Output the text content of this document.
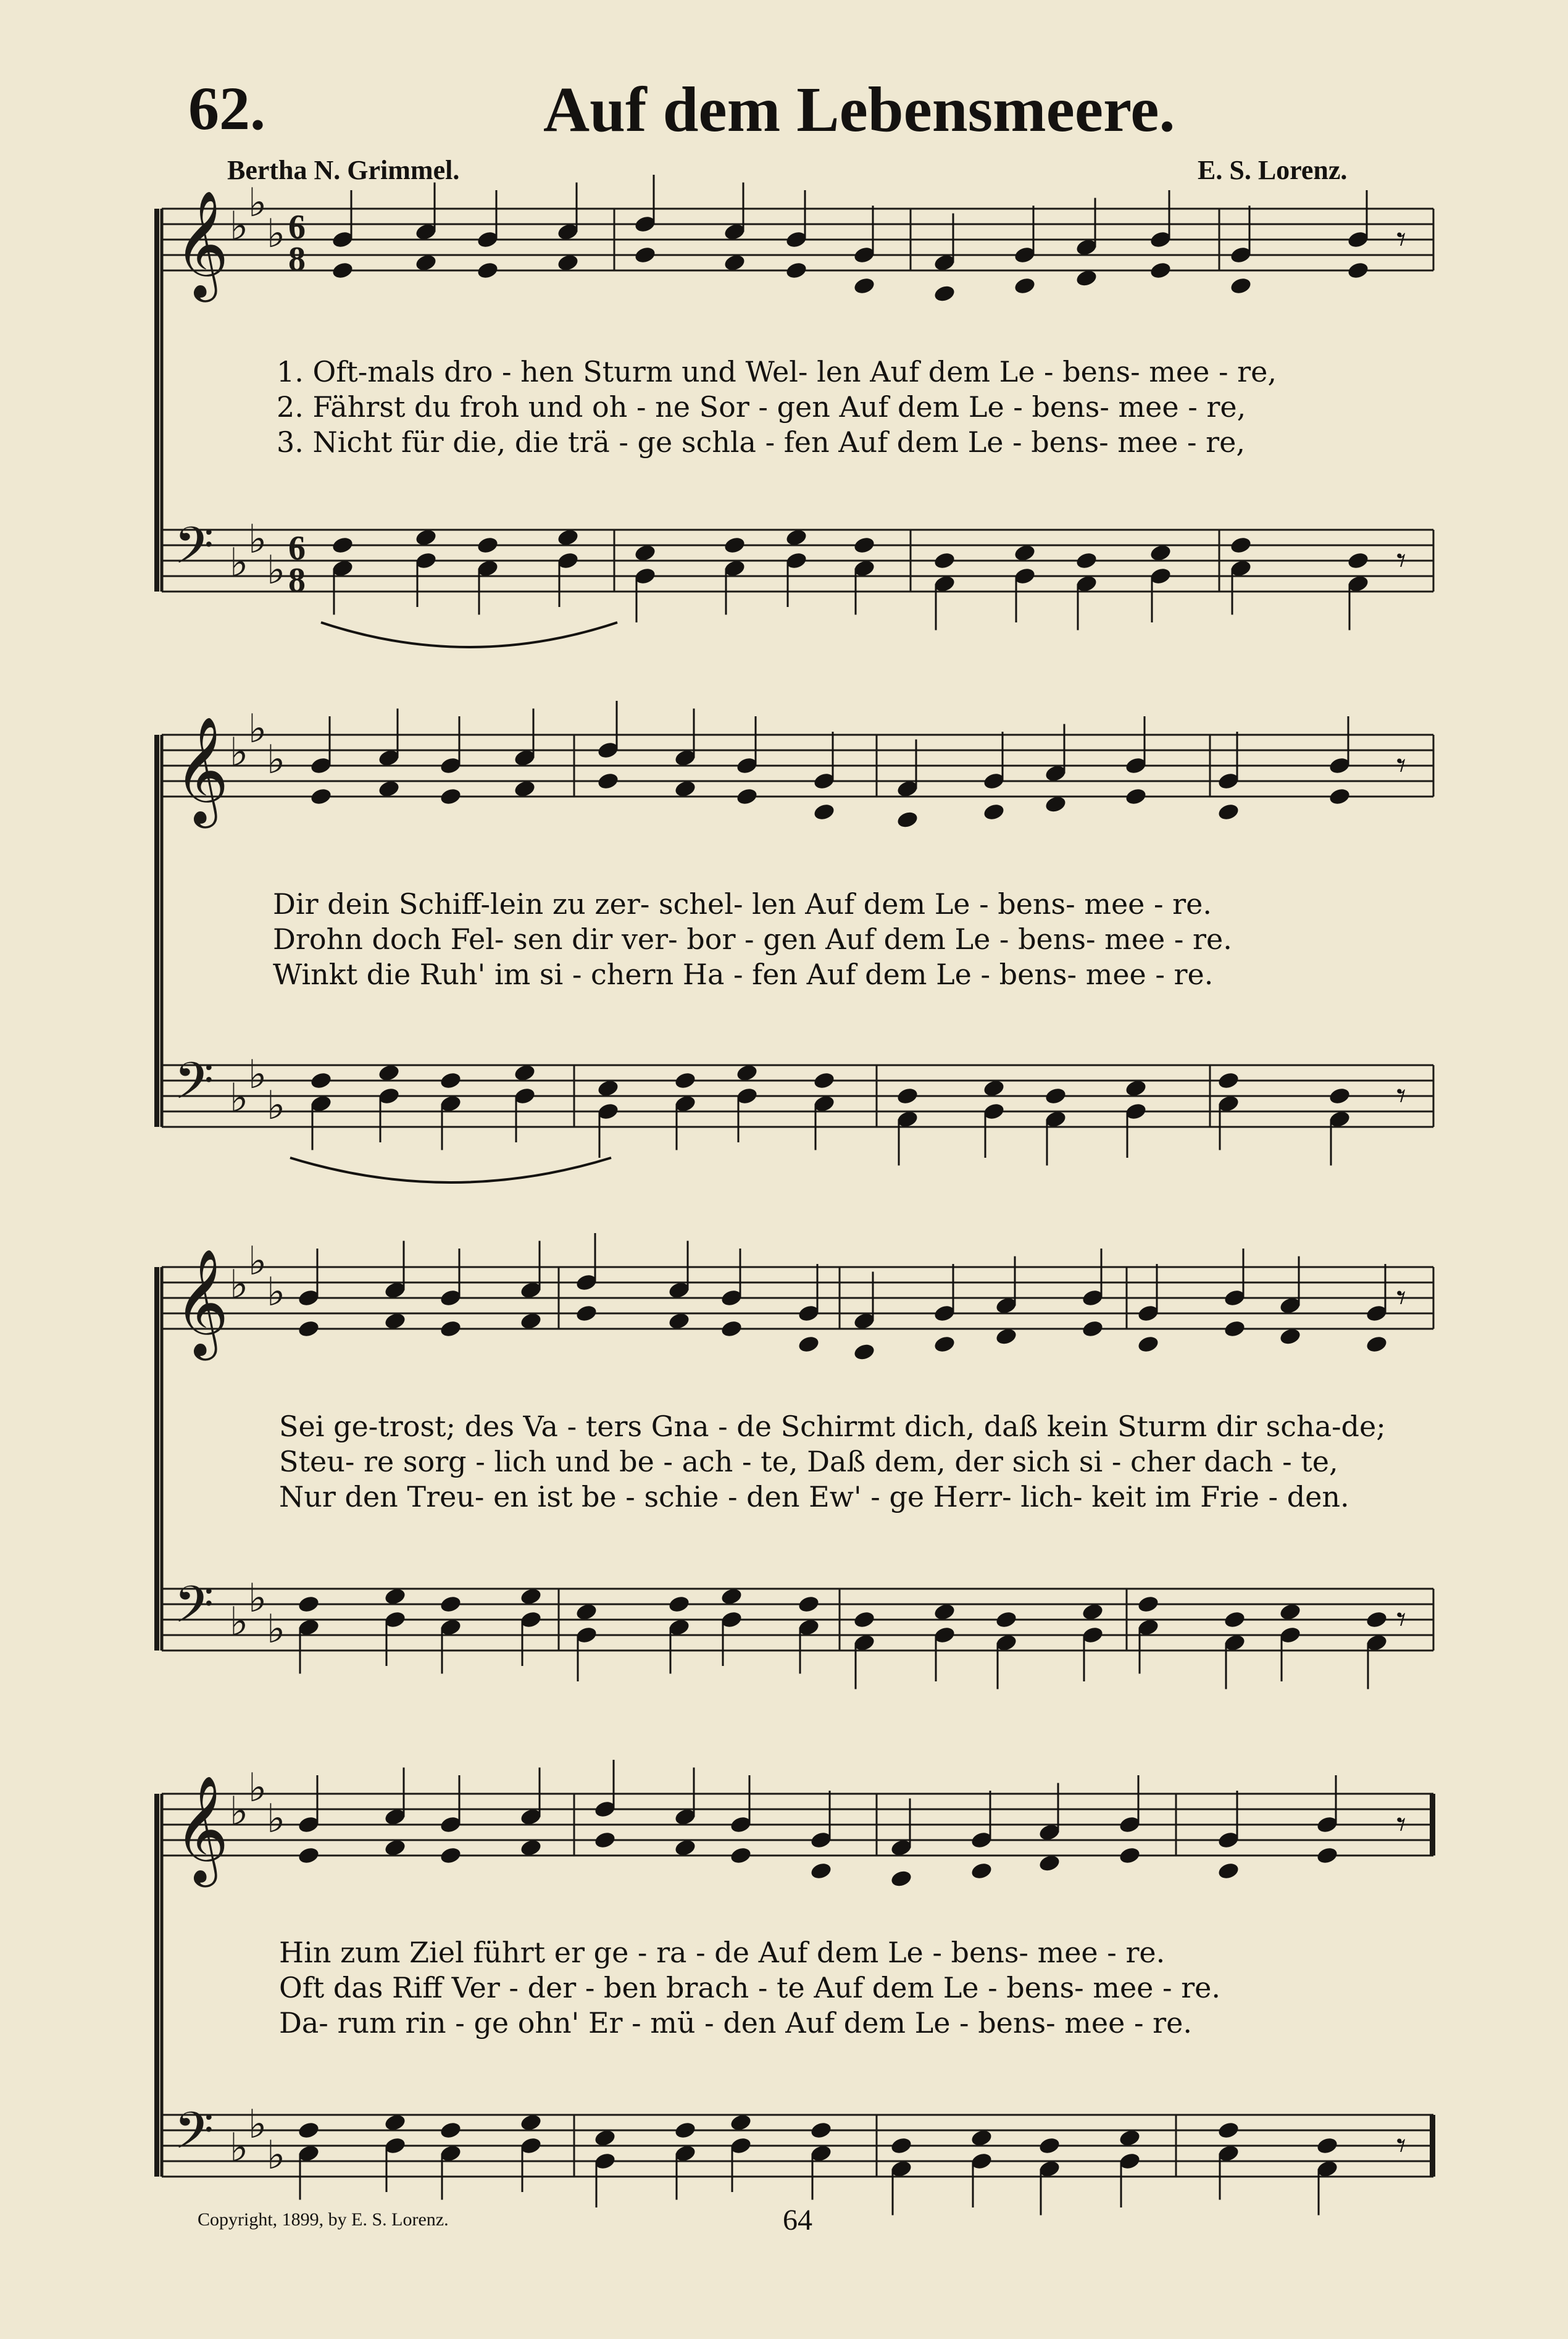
62.	Auf dem Lebensmeere.
Bertha N. Grimmel.	E. S. Lorenz.
𝄞 ♭
♭
♭
𝄢 ♭
♭
♭
6
8
6
8
𝄾
𝄾
𝄞 ♭
♭
♭
𝄢 ♭
♭
♭
𝄾
𝄾
𝄞 ♭
♭
♭
𝄢 ♭
♭
♭
𝄾
𝄾
𝄞 ♭
♭
♭
𝄢 ♭
♭
♭
𝄾
𝄾
1. Oft-mals dro - hen Sturm und Wel- len Auf dem Le - bens- mee - re,
2. Fährst du froh und oh - ne Sor - gen Auf dem Le - bens- mee - re,
3. Nicht für die, die trä - ge schla - fen Auf dem Le - bens- mee - re,
Dir dein Schiff-lein zu zer- schel- len Auf dem Le - bens- mee - re.
Drohn doch Fel- sen dir ver- bor - gen Auf dem Le - bens- mee - re.
Winkt die Ruh' im si - chern Ha - fen Auf dem Le - bens- mee - re.
Sei ge-trost; des Va - ters Gna - de Schirmt dich, daß kein Sturm dir scha-de;
Steu- re sorg - lich und be - ach - te, Daß dem, der sich si - cher dach - te,
Nur den Treu- en ist be - schie - den Ew' - ge Herr- lich- keit im Frie - den.
Hin zum Ziel führt er ge - ra - de Auf dem Le - bens- mee - re.
Oft das Riff Ver - der - ben brach - te Auf dem Le - bens- mee - re.
Da- rum rin - ge ohn' Er - mü - den Auf dem Le - bens- mee - re.
Copyright, 1899, by E. S. Lorenz.	64
